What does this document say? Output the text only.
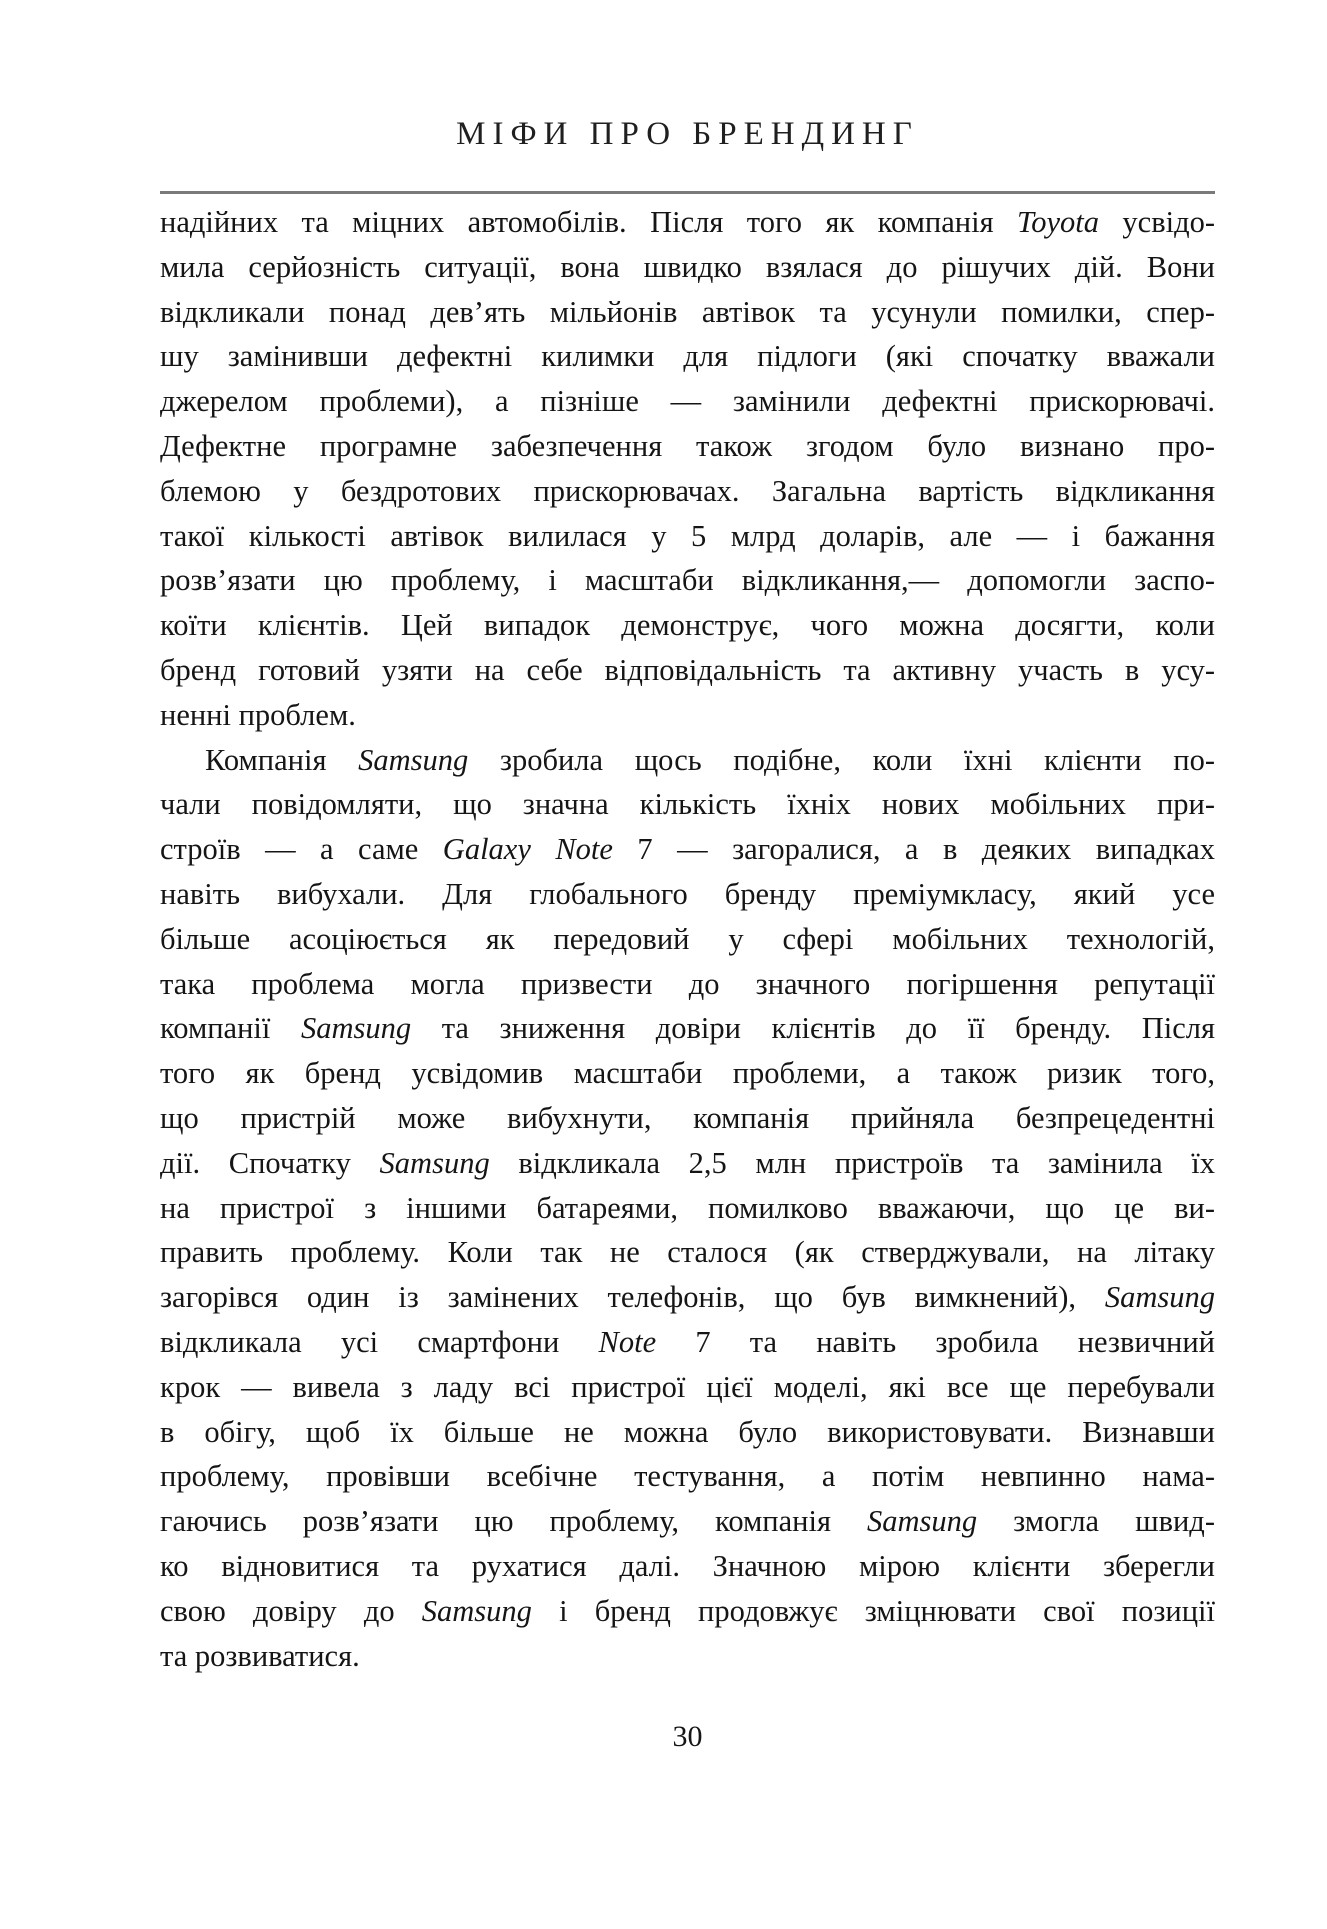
МІФИ ПРО БРЕНДИНГ
надійних та міцних автомобілів. Після того як компанія Toyota усвідо-
мила серйозність ситуації, вона швидко взялася до рішучих дій. Вони
відкликали понад дев’ять мільйонів автівок та усунули помилки, спер-
шу замінивши дефектні килимки для підлоги (які спочатку вважали
джерелом проблеми), а пізніше — замінили дефектні прискорювачі.
Дефектне програмне забезпечення також згодом було визнано про-
блемою у бездротових прискорювачах. Загальна вартість відкликання
такої кількості автівок вилилася у 5 млрд доларів, але — і бажання
розв’язати цю проблему, і масштаби відкликання,— допомогли заспо-
коїти клієнтів. Цей випадок демонструє, чого можна досягти, коли
бренд готовий узяти на себе відповідальність та активну участь в усу-
ненні проблем.
Компанія Samsung зробила щось подібне, коли їхні клієнти по-
чали повідомляти, що значна кількість їхніх нових мобільних при-
строїв — а саме Galaxy Note 7 — загоралися, а в деяких випадках
навіть вибухали. Для глобального бренду преміумкласу, який усе
більше асоціюється як передовий у сфері мобільних технологій,
така проблема могла призвести до значного погіршення репутації
компанії Samsung та зниження довіри клієнтів до її бренду. Після
того як бренд усвідомив масштаби проблеми, а також ризик того,
що пристрій може вибухнути, компанія прийняла безпрецедентні
дії. Спочатку Samsung відкликала 2,5 млн пристроїв та замінила їх
на пристрої з іншими батареями, помилково вважаючи, що це ви-
править проблему. Коли так не сталося (як стверджували, на літаку
загорівся один із замінених телефонів, що був вимкнений), Samsung
відкликала усі смартфони Note 7 та навіть зробила незвичний
крок — вивела з ладу всі пристрої цієї моделі, які все ще перебували
в обігу, щоб їх більше не можна було використовувати. Визнавши
проблему, провівши всебічне тестування, а потім невпинно нама-
гаючись розв’язати цю проблему, компанія Samsung змогла швид-
ко відновитися та рухатися далі. Значною мірою клієнти зберегли
свою довіру до Samsung і бренд продовжує зміцнювати свої позиції
та розвиватися.
30
